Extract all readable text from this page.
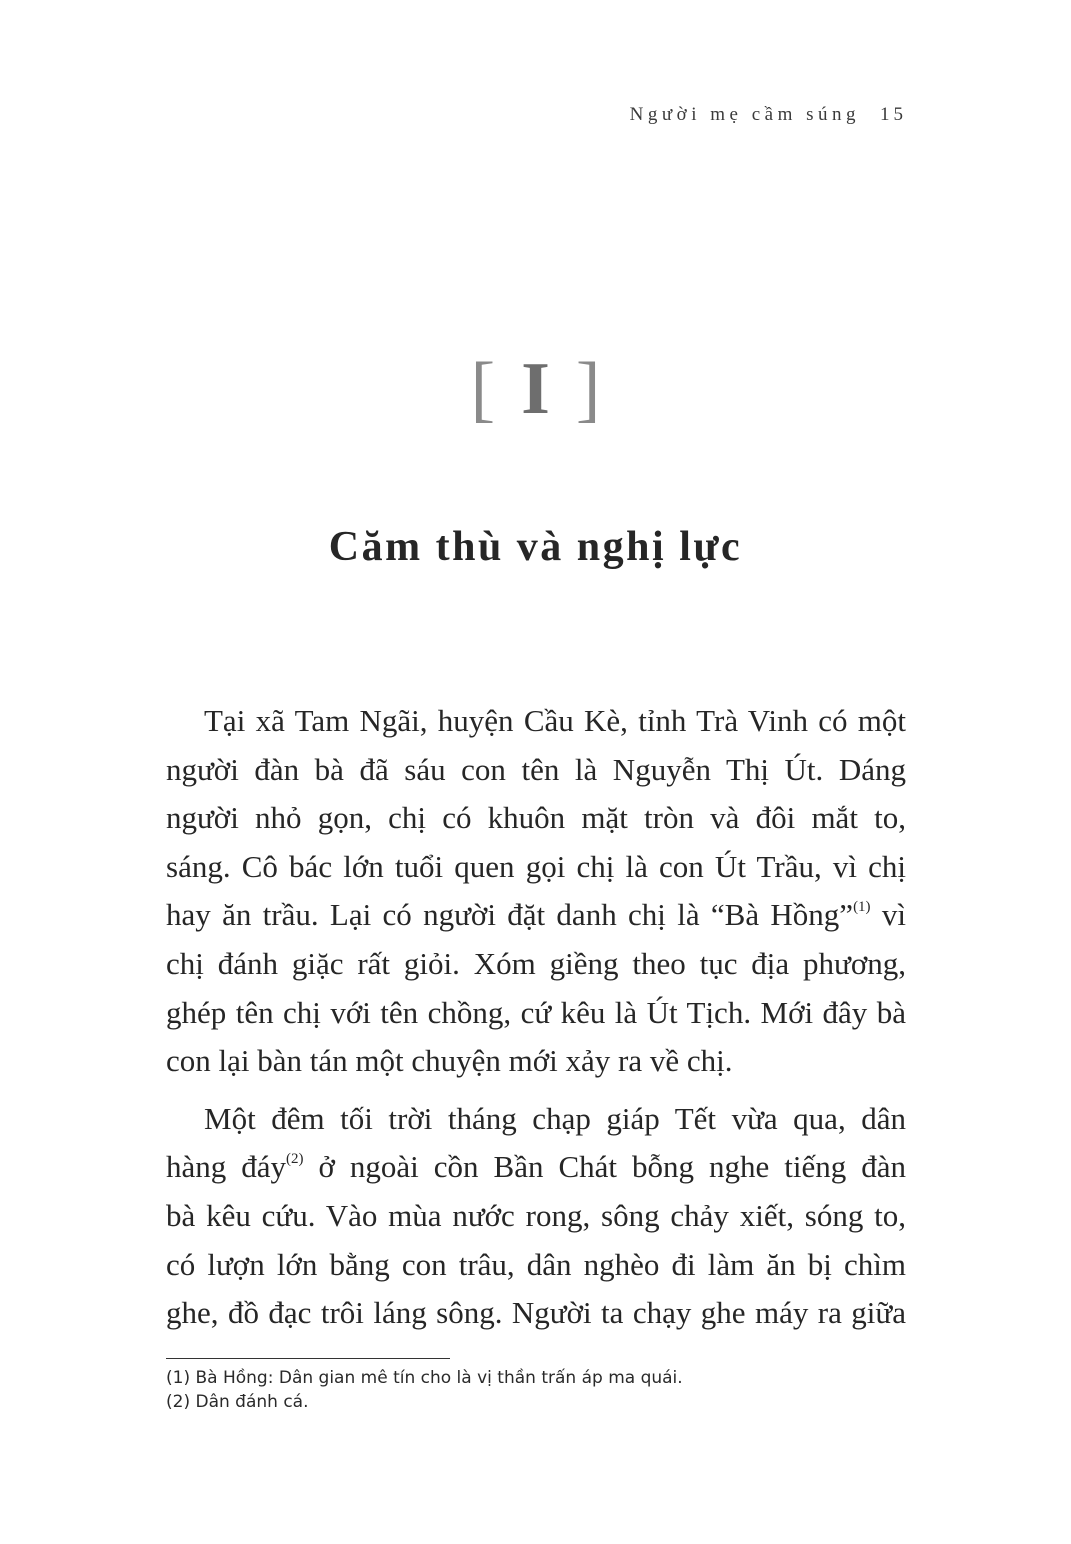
Người mẹ cầm súng 15
[ I ]
Căm thù và nghị lực
Tại xã Tam Ngãi, huyện Cầu Kè, tỉnh Trà Vinh có một
người đàn bà đã sáu con tên là Nguyễn Thị Út. Dáng
người nhỏ gọn, chị có khuôn mặt tròn và đôi mắt to,
sáng. Cô bác lớn tuổi quen gọi chị là con Út Trầu, vì chị
hay ăn trầu. Lại có người đặt danh chị là “Bà Hồng”$^{(1)}$ vì
chị đánh giặc rất giỏi. Xóm giềng theo tục địa phương,
ghép tên chị với tên chồng, cứ kêu là Út Tịch. Mới đây bà
con lại bàn tán một chuyện mới xảy ra về chị.
Một đêm tối trời tháng chạp giáp Tết vừa qua, dân
hàng đáy$^{(2)}$ ở ngoài cồn Bần Chát bỗng nghe tiếng đàn
bà kêu cứu. Vào mùa nước rong, sông chảy xiết, sóng to,
có lượn lớn bằng con trâu, dân nghèo đi làm ăn bị chìm
ghe, đồ đạc trôi láng sông. Người ta chạy ghe máy ra giữa
(1) Bà Hồng: Dân gian mê tín cho là vị thần trấn áp ma quái.
(2) Dân đánh cá.
